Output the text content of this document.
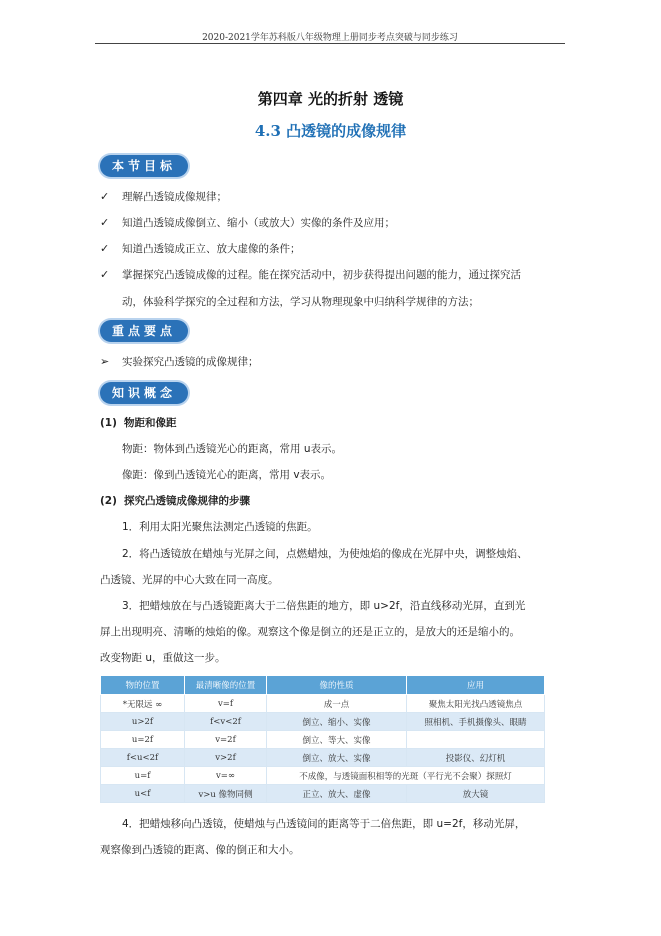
2020-2021学年苏科版八年级物理上册同步考点突破与同步练习
第四章 光的折射 透镜
4.3 凸透镜的成像规律
本节目标
✓ 理解凸透镜成像规律；
✓ 知道凸透镜成像倒立、缩小（或放大）实像的条件及应用；
✓ 知道凸透镜成正立、放大虚像的条件；
✓ 掌握探究凸透镜成像的过程。能在探究活动中，初步获得提出问题的能力，通过探究活
动，体验科学探究的全过程和方法，学习从物理现象中归纳科学规律的方法；
重点要点
➢ 实验探究凸透镜的成像规律；
知识概念
(1) 物距和像距
物距：物体到凸透镜光心的距离，常用 u表示。
像距：像到凸透镜光心的距离，常用 v表示。
(2) 探究凸透镜成像规律的步骤
1．利用太阳光聚焦法测定凸透镜的焦距。
2．将凸透镜放在蜡烛与光屏之间，点燃蜡烛，为使烛焰的像成在光屏中央，调整烛焰、
凸透镜、光屏的中心大致在同一高度。
3．把蜡烛放在与凸透镜距离大于二倍焦距的地方，即 u>2f，沿直线移动光屏，直到光
屏上出现明亮、清晰的烛焰的像。观察这个像是倒立的还是正立的，是放大的还是缩小的。
改变物距 u，重做这一步。
物的位置	最清晰像的位置	像的性质	应用
*无限远 ∞	v=f	成一点	聚焦太阳光找凸透镜焦点
u>2f	f<v<2f	倒立、缩小、实像	照相机、手机摄像头、眼睛
u=2f	v=2f	倒立、等大、实像	
f<u<2f	v>2f	倒立、放大、实像	投影仪、幻灯机
u=f	v=∞	不成像，与透镜面积相等的光斑（平行光不会聚）探照灯	
u<f	v>u 像物同侧	正立、放大、虚像	放大镜
4．把蜡烛移向凸透镜，使蜡烛与凸透镜间的距离等于二倍焦距，即 u=2f，移动光屏，
观察像到凸透镜的距离、像的倒正和大小。
